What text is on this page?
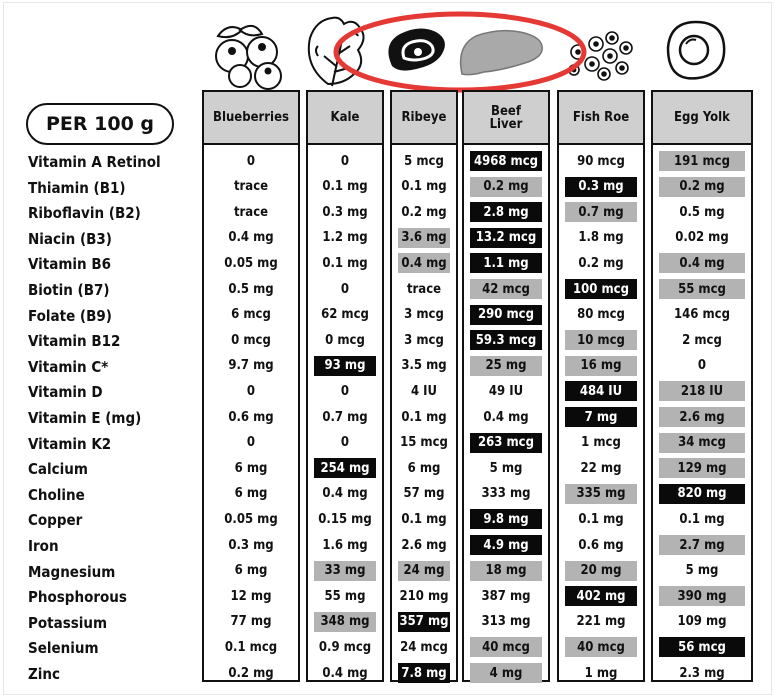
PER 100 g
Vitamin A Retinol
Thiamin (B1)
Riboflavin (B2)
Niacin (B3)
Vitamin B6
Biotin (B7)
Folate (B9)
Vitamin B12
Vitamin C*
Vitamin D
Vitamin E (mg)
Vitamin K2
Calcium
Choline
Copper
Iron
Magnesium
Phosphorous
Potassium
Selenium
Zinc
Blueberries
0
trace
trace
0.4 mg
0.05 mg
0.5 mg
6 mcg
0 mcg
9.7 mg
0
0.6 mg
0
6 mg
6 mg
0.05 mg
0.3 mg
6 mg
12 mg
77 mg
0.1 mcg
0.2 mg
Kale
0
0.1 mg
0.3 mg
1.2 mg
0.1 mg
0
62 mcg
0 mcg
93 mg
0
0.7 mg
0
254 mg
0.4 mg
0.15 mg
1.6 mg
33 mg
55 mg
348 mg
0.9 mcg
0.4 mg
Ribeye
5 mcg
0.1 mg
0.2 mg
3.6 mg
0.4 mg
trace
3 mcg
3 mcg
3.5 mg
4 IU
0.1 mg
15 mcg
6 mg
57 mg
0.1 mg
2.6 mg
24 mg
210 mg
357 mg
24 mcg
7.8 mg
Beef
Liver
4968 mcg
0.2 mg
2.8 mg
13.2 mcg
1.1 mg
42 mcg
290 mcg
59.3 mcg
25 mg
49 IU
0.4 mg
263 mcg
5 mg
333 mg
9.8 mg
4.9 mg
18 mg
387 mg
313 mg
40 mcg
4 mg
Fish Roe
90 mcg
0.3 mg
0.7 mg
1.8 mg
0.2 mg
100 mcg
80 mcg
10 mcg
16 mg
484 IU
7 mg
1 mcg
22 mg
335 mg
0.1 mg
0.6 mg
20 mg
402 mg
221 mg
40 mcg
1 mg
Egg Yolk
191 mcg
0.2 mg
0.5 mg
0.02 mg
0.4 mg
55 mcg
146 mcg
2 mcg
0
218 IU
2.6 mg
34 mcg
129 mg
820 mg
0.1 mg
2.7 mg
5 mg
390 mg
109 mg
56 mcg
2.3 mg
